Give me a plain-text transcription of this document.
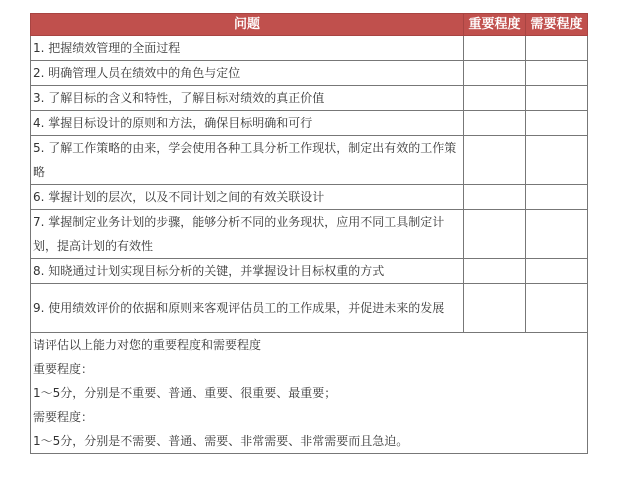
问题	重要程度	需要程度
1. 把握绩效管理的全面过程		
2. 明确管理人员在绩效中的角色与定位		
3. 了解目标的含义和特性，了解目标对绩效的真正价值		
4. 掌握目标设计的原则和方法，确保目标明确和可行		
5. 了解工作策略的由来，学会使用各种工具分析工作现状，制定出有效的工作策略		
6. 掌握计划的层次，以及不同计划之间的有效关联设计		
7. 掌握制定业务计划的步骤，能够分析不同的业务现状，应用不同工具制定计划，提高计划的有效性		
8. 知晓通过计划实现目标分析的关键，并掌握设计目标权重的方式		
9. 使用绩效评价的依据和原则来客观评估员工的工作成果，并促进未来的发展		

请评估以上能力对您的重要程度和需要程度
重要程度：
1～5分，分别是不重要、普通、重要、很重要、最重要；
需要程度：
1～5分，分别是不需要、普通、需要、非常需要、非常需要而且急迫。		
